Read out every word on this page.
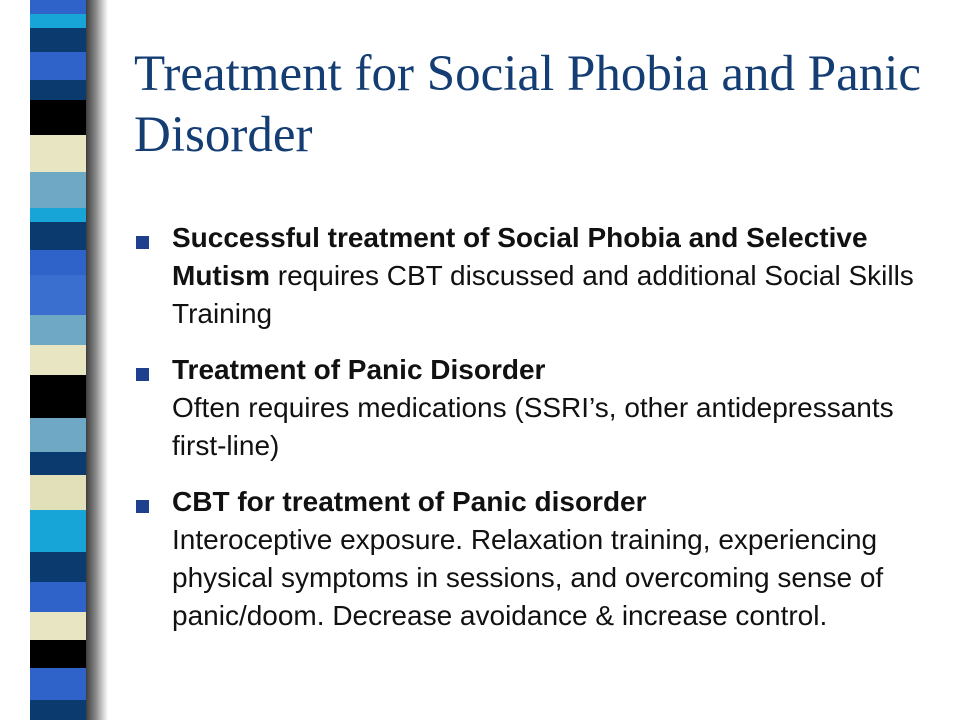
Treatment for Social Phobia and Panic Disorder
Successful treatment of Social Phobia and Selective Mutism requires CBT discussed and additional Social Skills Training
Treatment of Panic Disorder
Often requires medications (SSRI’s, other antidepressants first-line)
CBT for treatment of Panic disorder
Interoceptive exposure. Relaxation training, experiencing physical symptoms in sessions, and overcoming sense of panic/doom. Decrease avoidance & increase control.
